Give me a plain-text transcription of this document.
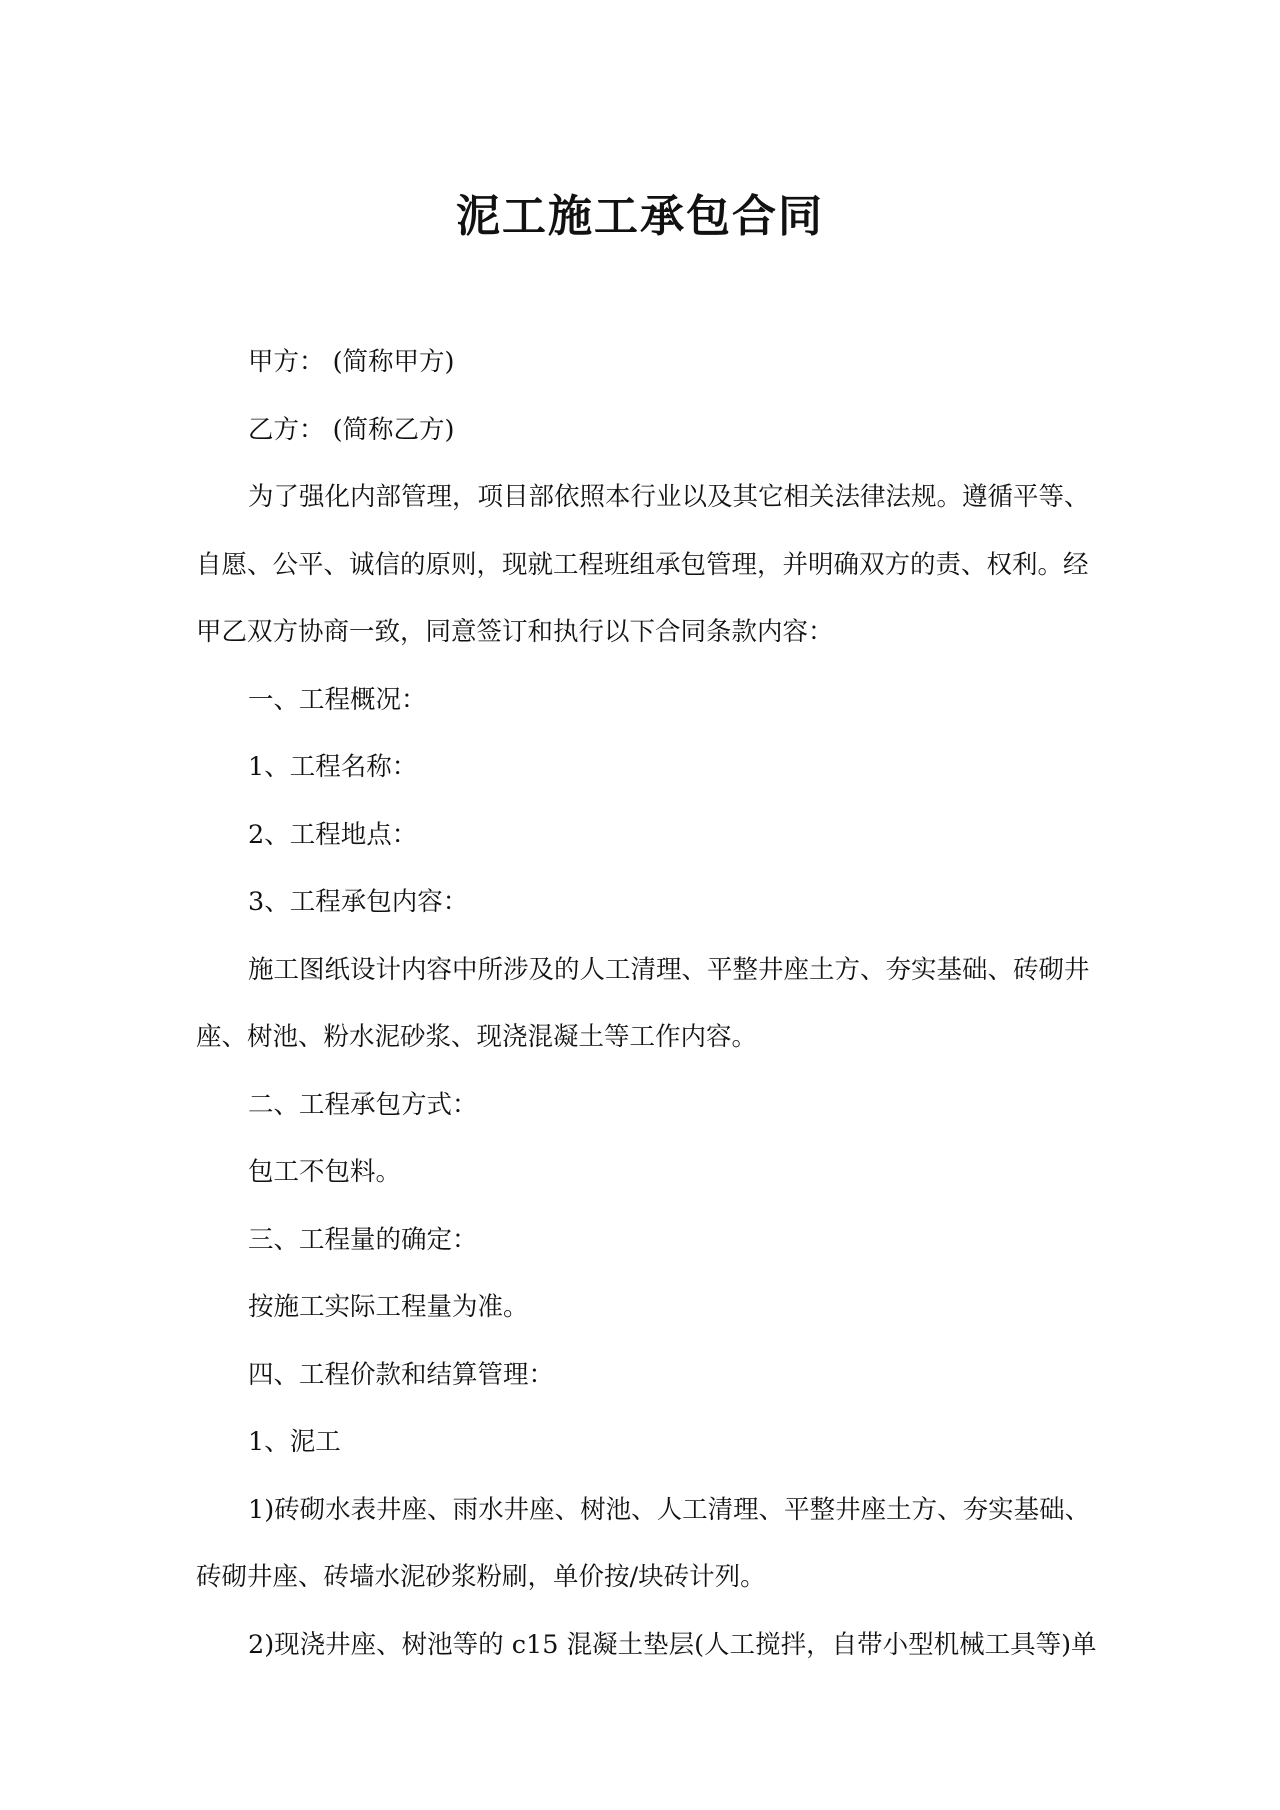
泥工施工承包合同
甲方： (简称甲方)
乙方： (简称乙方)
为了强化内部管理，项目部依照本行业以及其它相关法律法规。遵循平等、
自愿、公平、诚信的原则，现就工程班组承包管理，并明确双方的责、权利。经
甲乙双方协商一致，同意签订和执行以下合同条款内容：
一、工程概况：
1、工程名称：
2、工程地点：
3、工程承包内容：
施工图纸设计内容中所涉及的人工清理、平整井座土方、夯实基础、砖砌井
座、树池、粉水泥砂浆、现浇混凝土等工作内容。
二、工程承包方式：
包工不包料。
三、工程量的确定：
按施工实际工程量为准。
四、工程价款和结算管理：
1、泥工
1)砖砌水表井座、雨水井座、树池、人工清理、平整井座土方、夯实基础、
砖砌井座、砖墙水泥砂浆粉刷，单价按/块砖计列。
2)现浇井座、树池等的 c15 混凝土垫层(人工搅拌，自带小型机械工具等)单
